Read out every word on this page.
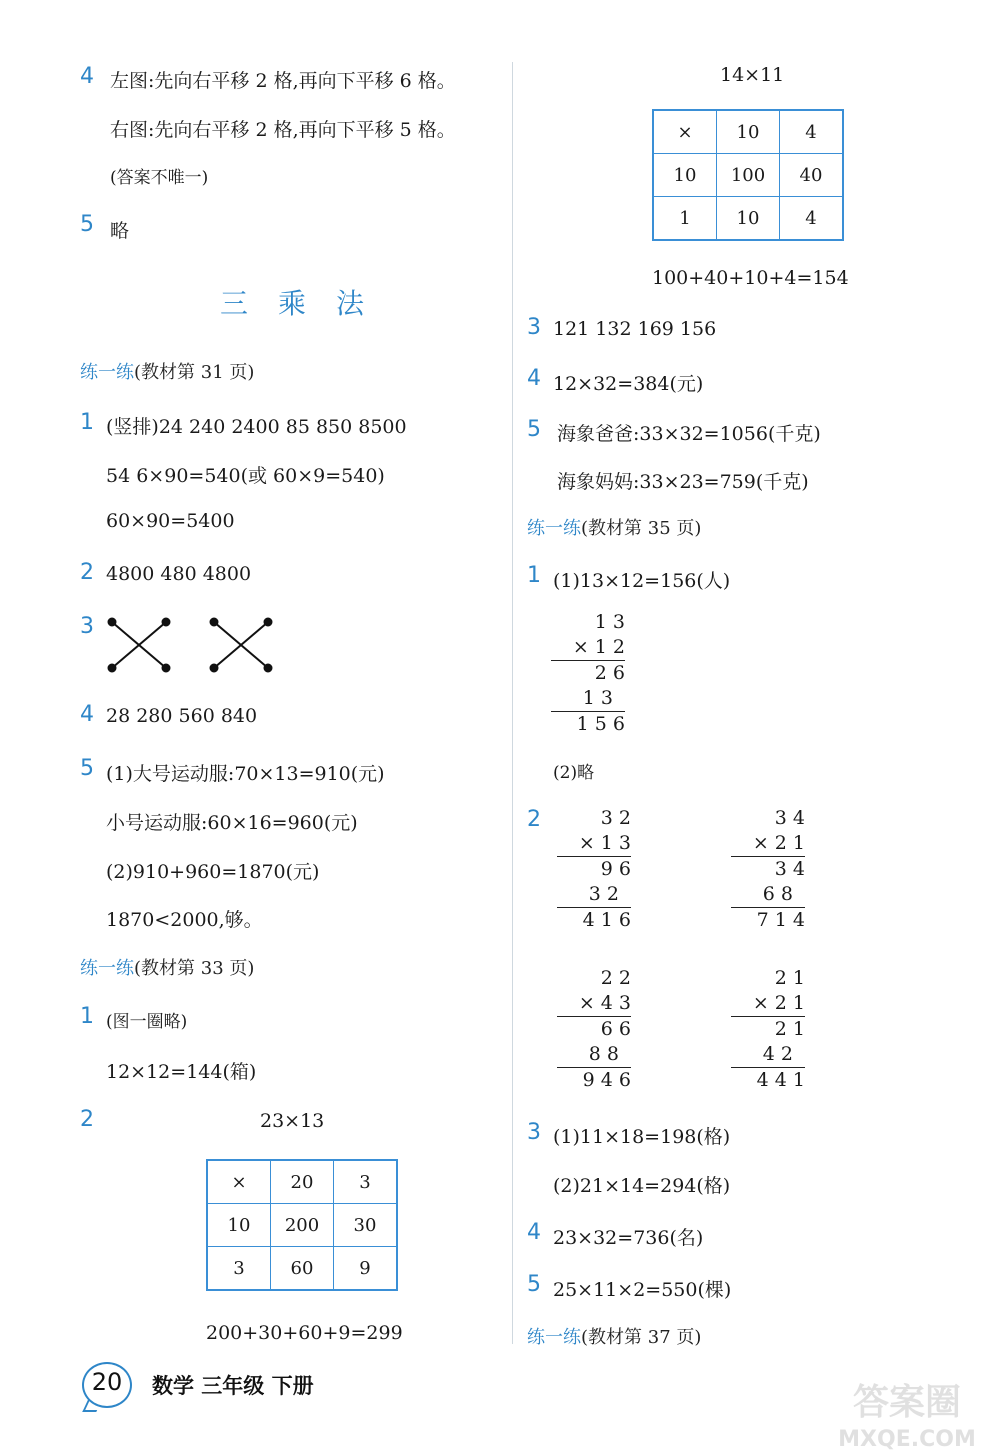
4 左图:先向右平移 2 格,再向下平移 6 格。
右图:先向右平移 2 格,再向下平移 5 格。
(答案不唯一)
5 略
三乘法
练一练(教材第 31 页)
1 (竖排)24 240 2400 85 850 8500
54 6×90=540(或 60×9=540)
60×90=5400
2 4800 480 4800
3
4 28 280 560 840
5 (1)大号运动服:70×13=910(元)
小号运动服:60×16=960(元)
(2)910+960=1870(元)
1870<2000,够。
练一练(教材第 33 页)
1 (图一圈略)
12×12=144(箱)
2	23×13
×	20	3
10	200	30
3	60	9
200+30+60+9=299
14×11
×	10	4
10	100	40
1	10	4
100+40+10+4=154
3 121 132 169 156
4 12×32=384(元)
5 海象爸爸:33×32=1056(千克)
海象妈妈:33×23=759(千克)
练一练(教材第 35 页)
1 (1)13×12=156(人)
1 3
× 1 2
2 6
1 3
1 5 6
(2)略
2	3 2
× 1 3
9 6
3 2
4 1 6
3 4
× 2 1
3 4
6 8
7 1 4
2 2
× 4 3
6 6
8 8
9 4 6
2 1
× 2 1
2 1
4 2
4 4 1
3 (1)11×18=198(格)
(2)21×14=294(格)
4 23×32=736(名)
5 25×11×2=550(棵)
练一练(教材第 37 页)
20	数学 三年级 下册	答案圈
MXQE.COM
